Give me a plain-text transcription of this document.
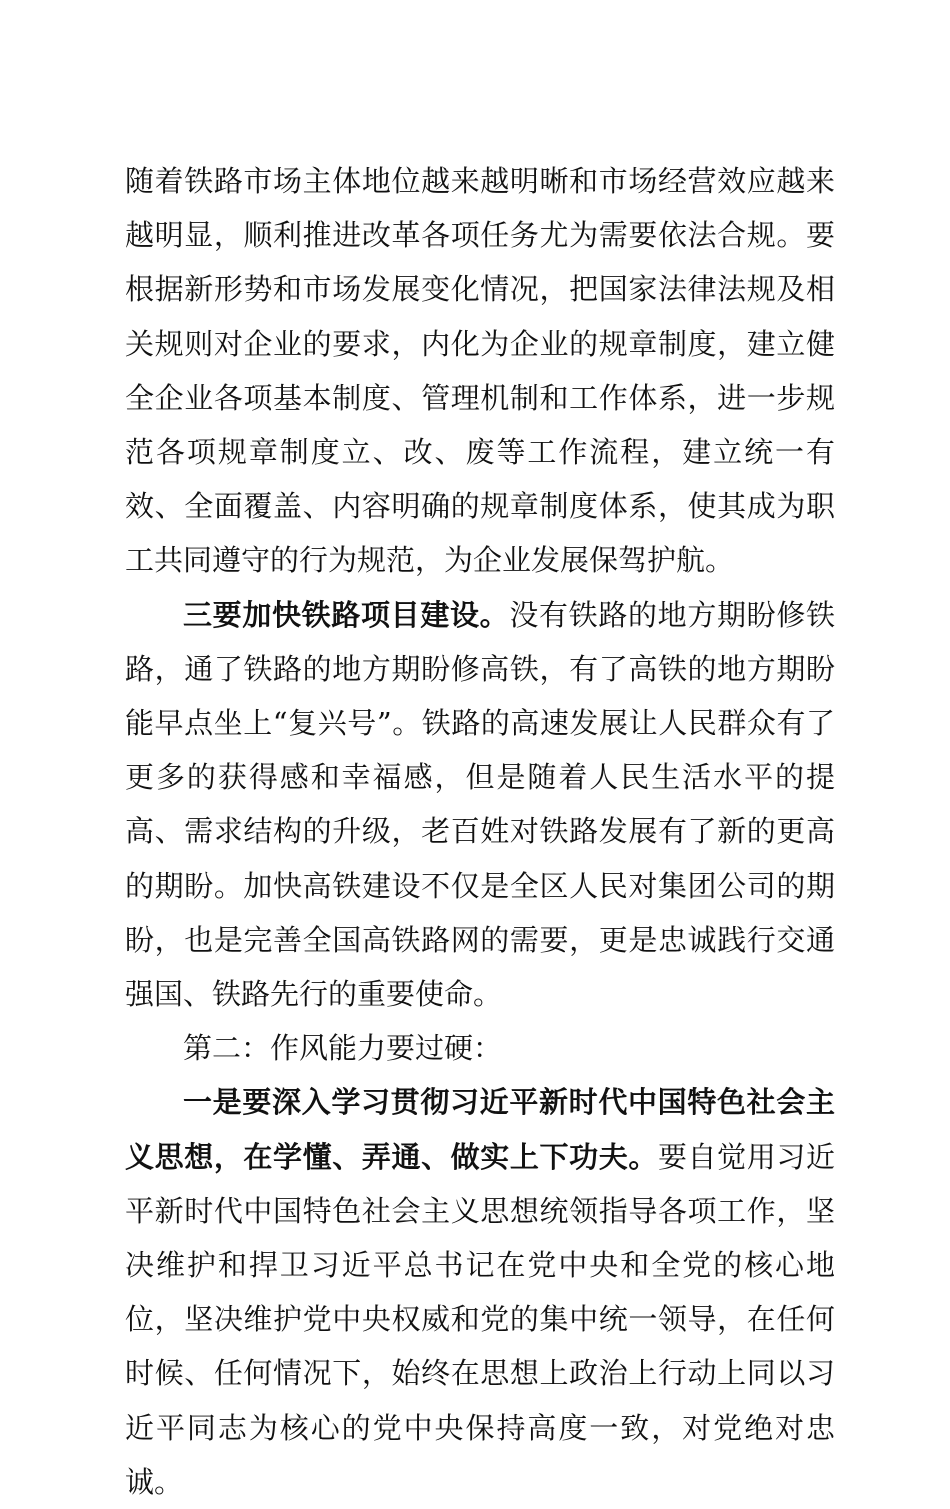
随着铁路市场主体地位越来越明晰和市场经营效应越来越明显，顺利推进改革各项任务尤为需要依法合规。要根据新形势和市场发展变化情况，把国家法律法规及相关规则对企业的要求，内化为企业的规章制度，建立健全企业各项基本制度、管理机制和工作体系，进一步规范各项规章制度立、改、废等工作流程，建立统一有效、全面覆盖、内容明确的规章制度体系，使其成为职工共同遵守的行为规范，为企业发展保驾护航。

三要加快铁路项目建设。没有铁路的地方期盼修铁路，通了铁路的地方期盼修高铁，有了高铁的地方期盼能早点坐上“复兴号”。铁路的高速发展让人民群众有了更多的获得感和幸福感，但是随着人民生活水平的提高、需求结构的升级，老百姓对铁路发展有了新的更高的期盼。加快高铁建设不仅是全区人民对集团公司的期盼，也是完善全国高铁路网的需要，更是忠诚践行交通强国、铁路先行的重要使命。

第二：作风能力要过硬：

一是要深入学习贯彻习近平新时代中国特色社会主义思想，在学懂、弄通、做实上下功夫。要自觉用习近平新时代中国特色社会主义思想统领指导各项工作，坚决维护和捍卫习近平总书记在党中央和全党的核心地位，坚决维护党中央权威和党的集中统一领导，在任何时候、任何情况下，始终在思想上政治上行动上同以习近平同志为核心的党中央保持高度一致，对党绝对忠诚。
